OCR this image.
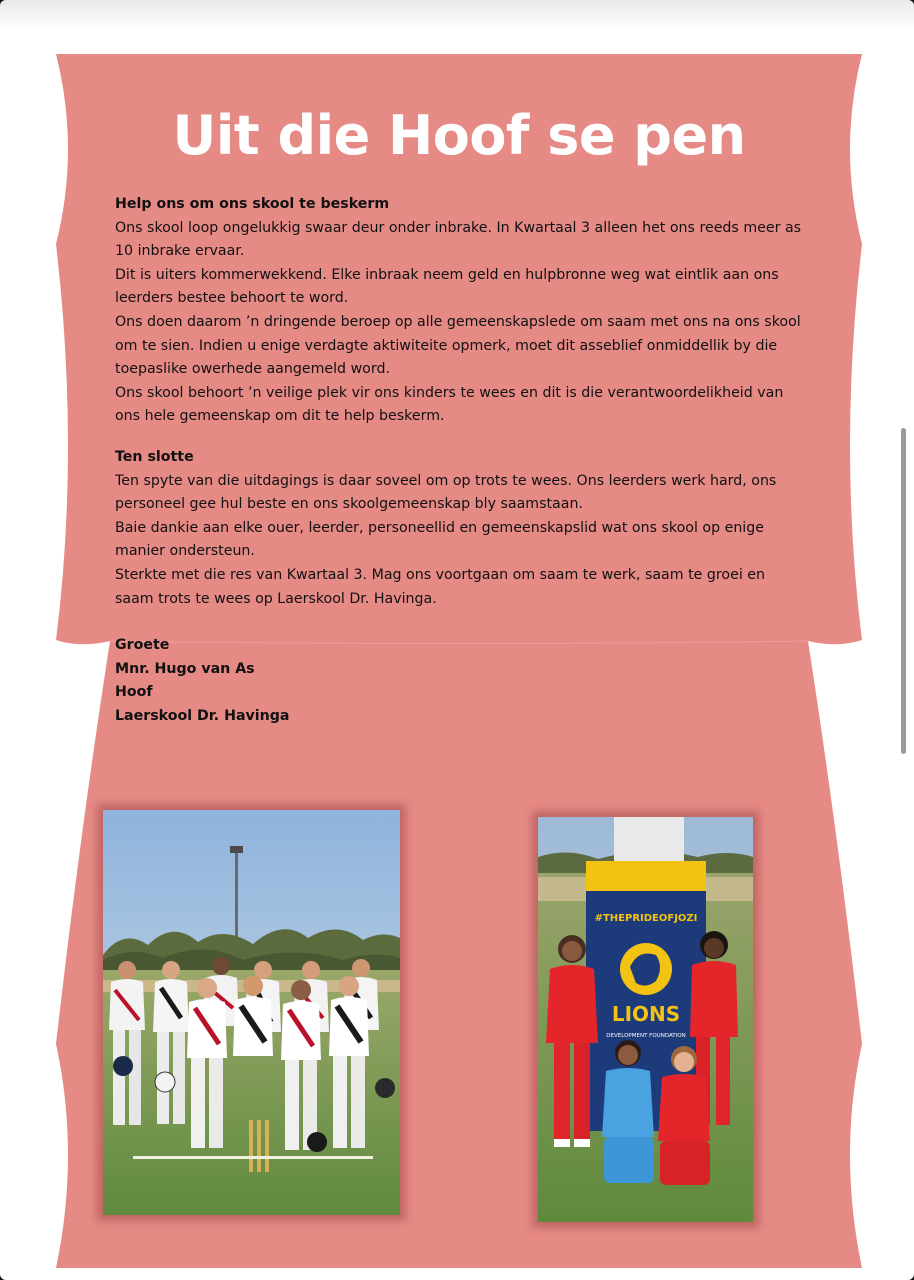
Uit die Hoof se pen

Help ons om ons skool te beskerm

Ons skool loop ongelukkig swaar deur onder inbrake. In Kwartaal 3 alleen het ons reeds meer as 10 inbrake ervaar.

Dit is uiters kommerwekkend. Elke inbraak neem geld en hulpbronne weg wat eintlik aan ons leerders bestee behoort te word.

Ons doen daarom ’n dringende beroep op alle gemeenskapslede om saam met ons na ons skool om te sien. Indien u enige verdagte aktiwiteite opmerk, moet dit asseblief onmiddellik by die toepaslike owerhede aangemeld word.

Ons skool behoort ’n veilige plek vir ons kinders te wees en dit is die verantwoordelikheid van ons hele gemeenskap om dit te help beskerm.

Ten slotte

Ten spyte van die uitdagings is daar soveel om op trots te wees. Ons leerders werk hard, ons personeel gee hul beste en ons skoolgemeenskap bly saamstaan.

Baie dankie aan elke ouer, leerder, personeellid en gemeenskapslid wat ons skool op enige manier ondersteun.

Sterkte met die res van Kwartaal 3. Mag ons voortgaan om saam te werk, saam te groei en saam trots te wees op Laerskool Dr. Havinga.

Groete

Mnr. Hugo van As

Hoof

Laerskool Dr. Havinga

#THEPRIDEOFJOZI
LIONS
DEVELOPMENT FOUNDATION
